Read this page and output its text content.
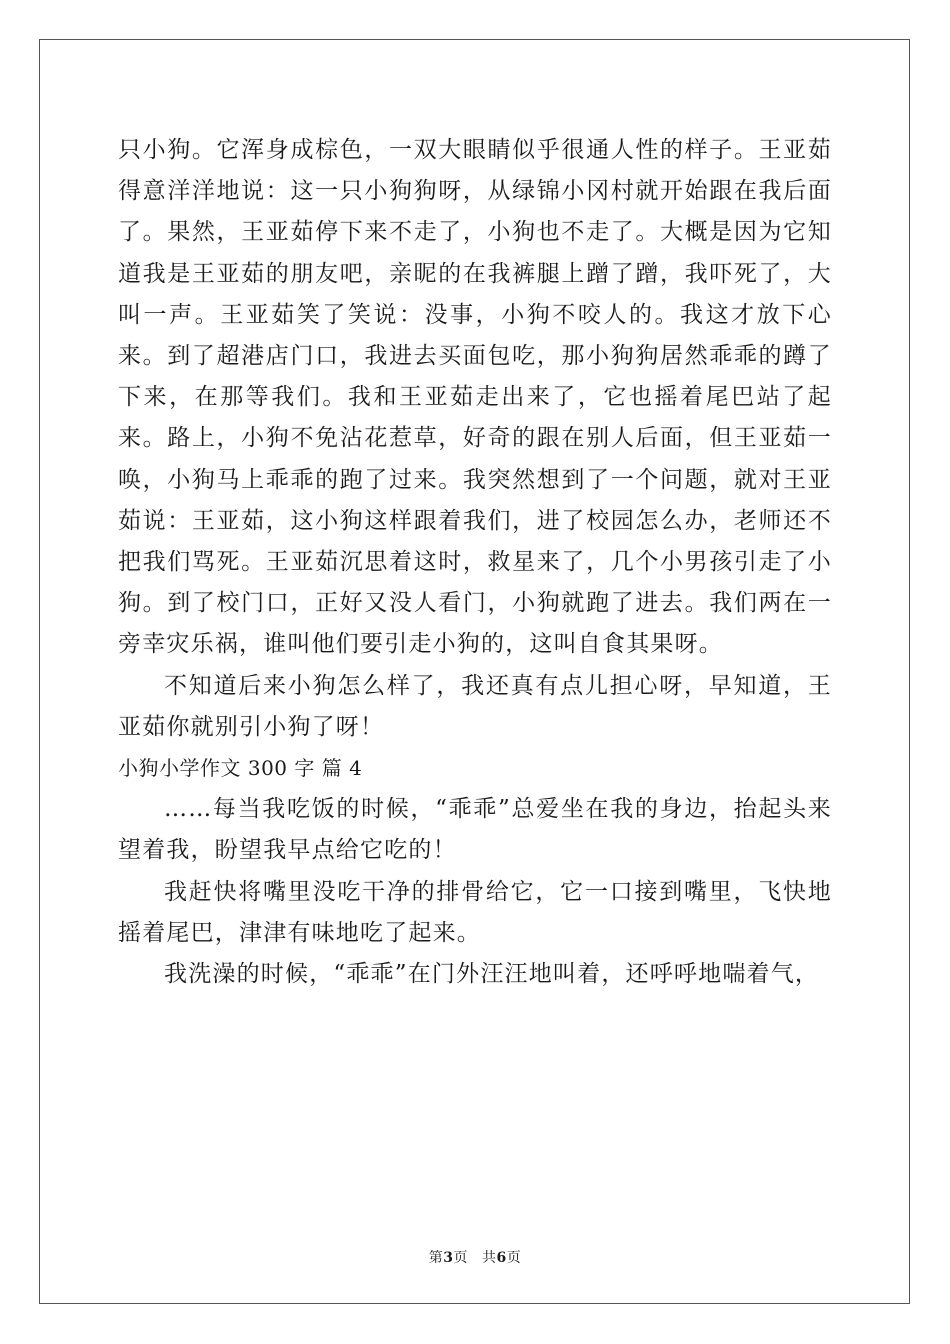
只小狗。它浑身成棕色，一双大眼睛似乎很通人性的样子。王亚茹得意洋洋地说：这一只小狗狗呀，从绿锦小冈村就开始跟在我后面了。果然，王亚茹停下来不走了，小狗也不走了。大概是因为它知道我是王亚茹的朋友吧，亲昵的在我裤腿上蹭了蹭，我吓死了，大叫一声。王亚茹笑了笑说：没事，小狗不咬人的。我这才放下心来。到了超港店门口，我进去买面包吃，那小狗狗居然乖乖的蹲了下来，在那等我们。我和王亚茹走出来了，它也摇着尾巴站了起来。路上，小狗不免沾花惹草，好奇的跟在别人后面，但王亚茹一唤，小狗马上乖乖的跑了过来。我突然想到了一个问题，就对王亚茹说：王亚茹，这小狗这样跟着我们，进了校园怎么办，老师还不把我们骂死。王亚茹沉思着这时，救星来了，几个小男孩引走了小狗。到了校门口，正好又没人看门，小狗就跑了进去。我们两在一旁幸灾乐祸，谁叫他们要引走小狗的，这叫自食其果呀。

不知道后来小狗怎么样了，我还真有点儿担心呀，早知道，王亚茹你就别引小狗了呀！

小狗小学作文 300 字 篇 4

……每当我吃饭的时候，“乖乖”总爱坐在我的身边，抬起头来望着我，盼望我早点给它吃的！

我赶快将嘴里没吃干净的排骨给它，它一口接到嘴里，飞快地摇着尾巴，津津有味地吃了起来。

我洗澡的时候，“乖乖”在门外汪汪地叫着，还呼呼地喘着气，

第3页 共6页
